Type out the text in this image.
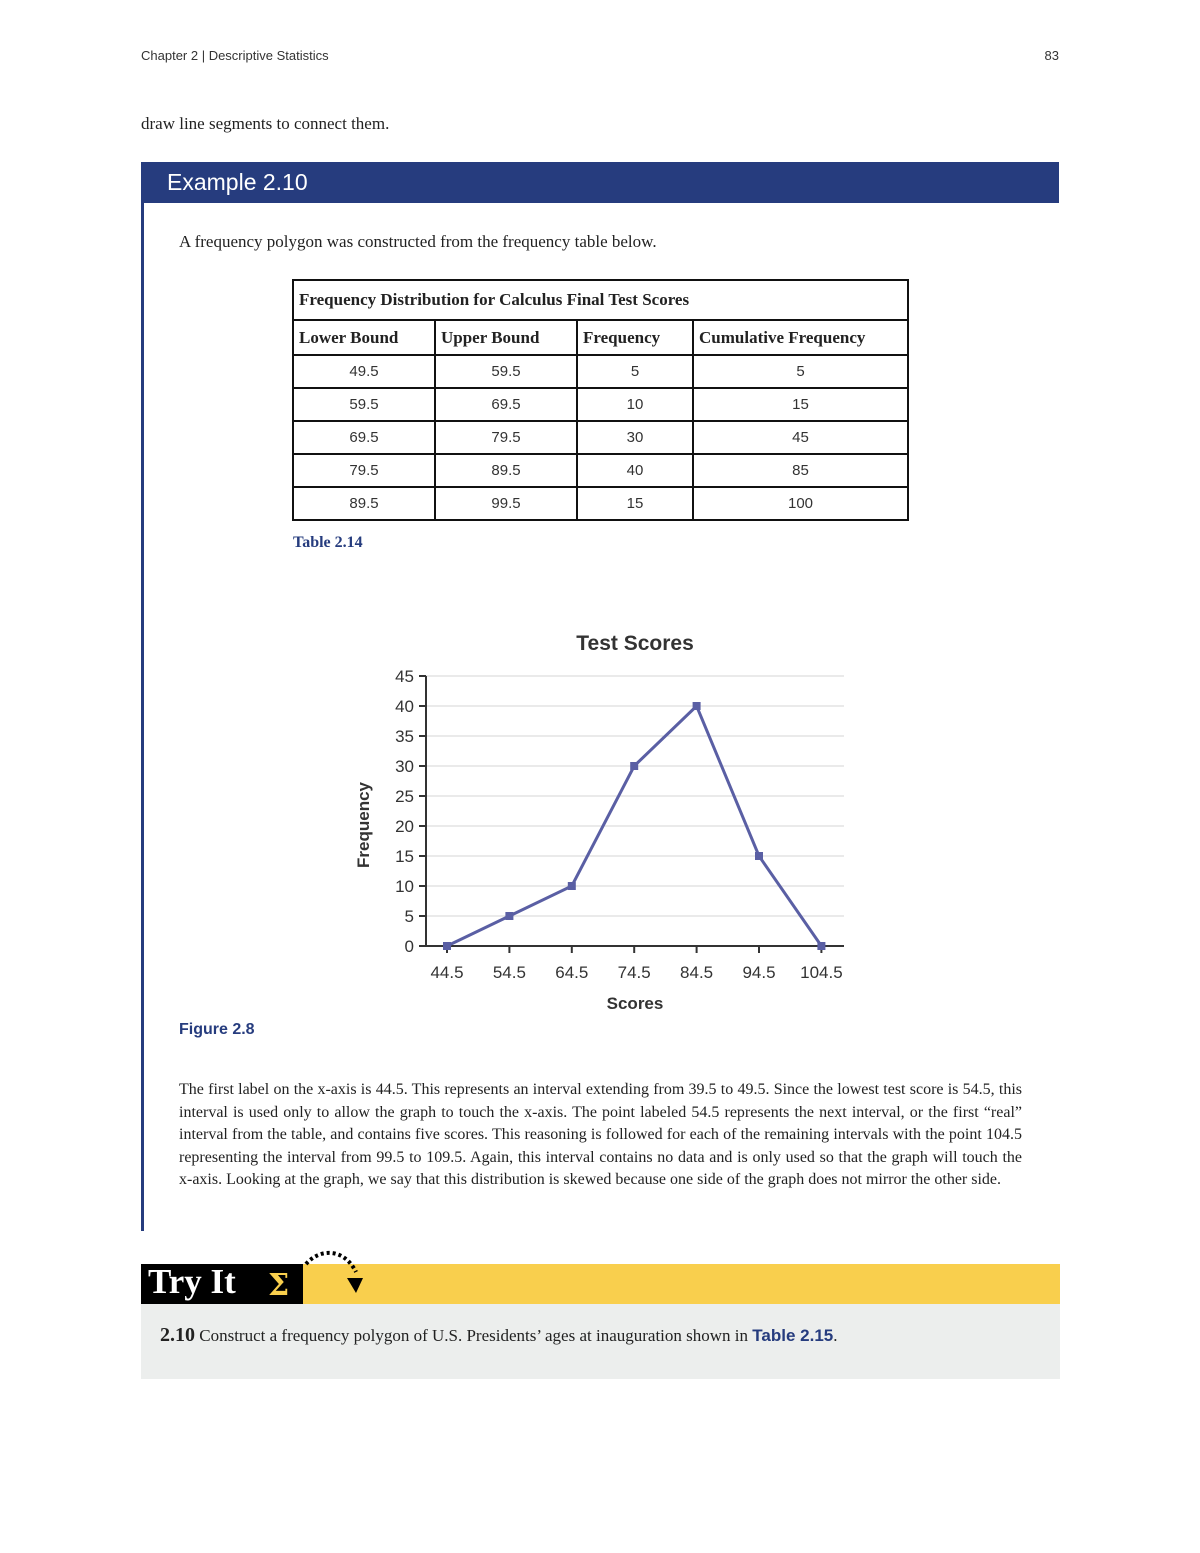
Chapter 2 | Descriptive Statistics	83
draw line segments to connect them.
Example 2.10
A frequency polygon was constructed from the frequency table below.
Frequency Distribution for Calculus Final Test Scores			
Lower Bound	Upper Bound	Frequency	Cumulative Frequency
49.5	59.5	5	5
59.5	69.5	10	15
69.5	79.5	30	45
79.5	89.5	40	85
89.5	99.5	15	100
Table 2.14
Test Scores
Frequency
Scores
0
5
10
15
20
25
30
35
40
45
44.5 54.5 64.5 74.5 84.5 94.5 104.5
Figure 2.8
The first label on the x-axis is 44.5. This represents an interval extending from 39.5 to 49.5. Since the lowest test score is 54.5, this interval is used only to allow the graph to touch the x-axis. The point labeled 54.5 represents the next interval, or the first “real” interval from the table, and contains five scores. This reasoning is followed for each of the remaining intervals with the point 104.5 representing the interval from 99.5 to 109.5. Again, this interval contains no data and is only used so that the graph will touch the x-axis. Looking at the graph, we say that this distribution is skewed because one side of the graph does not mirror the other side.
Try It Σ
2.10 Construct a frequency polygon of U.S. Presidents’ ages at inauguration shown in Table 2.15.
